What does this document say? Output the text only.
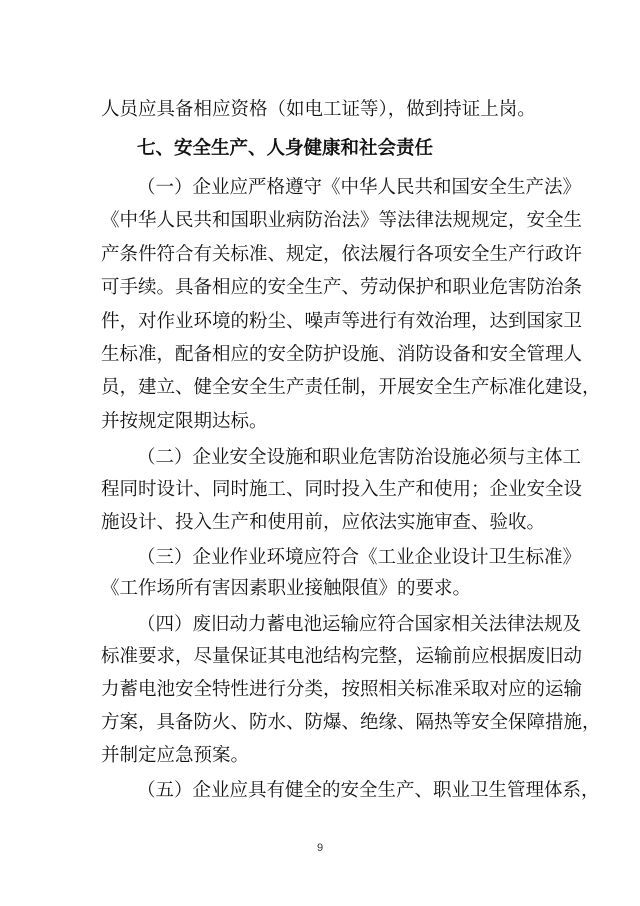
人员应具备相应资格（如电工证等），做到持证上岗。
七、安全生产、人身健康和社会责任
（一）企业应严格遵守《中华人民共和国安全生产法》
《中华人民共和国职业病防治法》等法律法规规定，安全生
产条件符合有关标准、规定，依法履行各项安全生产行政许
可手续。具备相应的安全生产、劳动保护和职业危害防治条
件，对作业环境的粉尘、噪声等进行有效治理，达到国家卫
生标准，配备相应的安全防护设施、消防设备和安全管理人
员，建立、健全安全生产责任制，开展安全生产标准化建设，
并按规定限期达标。
（二）企业安全设施和职业危害防治设施必须与主体工
程同时设计、同时施工、同时投入生产和使用；企业安全设
施设计、投入生产和使用前，应依法实施审查、验收。
（三）企业作业环境应符合《工业企业设计卫生标准》
《工作场所有害因素职业接触限值》的要求。
（四）废旧动力蓄电池运输应符合国家相关法律法规及
标准要求，尽量保证其电池结构完整，运输前应根据废旧动
力蓄电池安全特性进行分类，按照相关标准采取对应的运输
方案，具备防火、防水、防爆、绝缘、隔热等安全保障措施，
并制定应急预案。
（五）企业应具有健全的安全生产、职业卫生管理体系，
9
